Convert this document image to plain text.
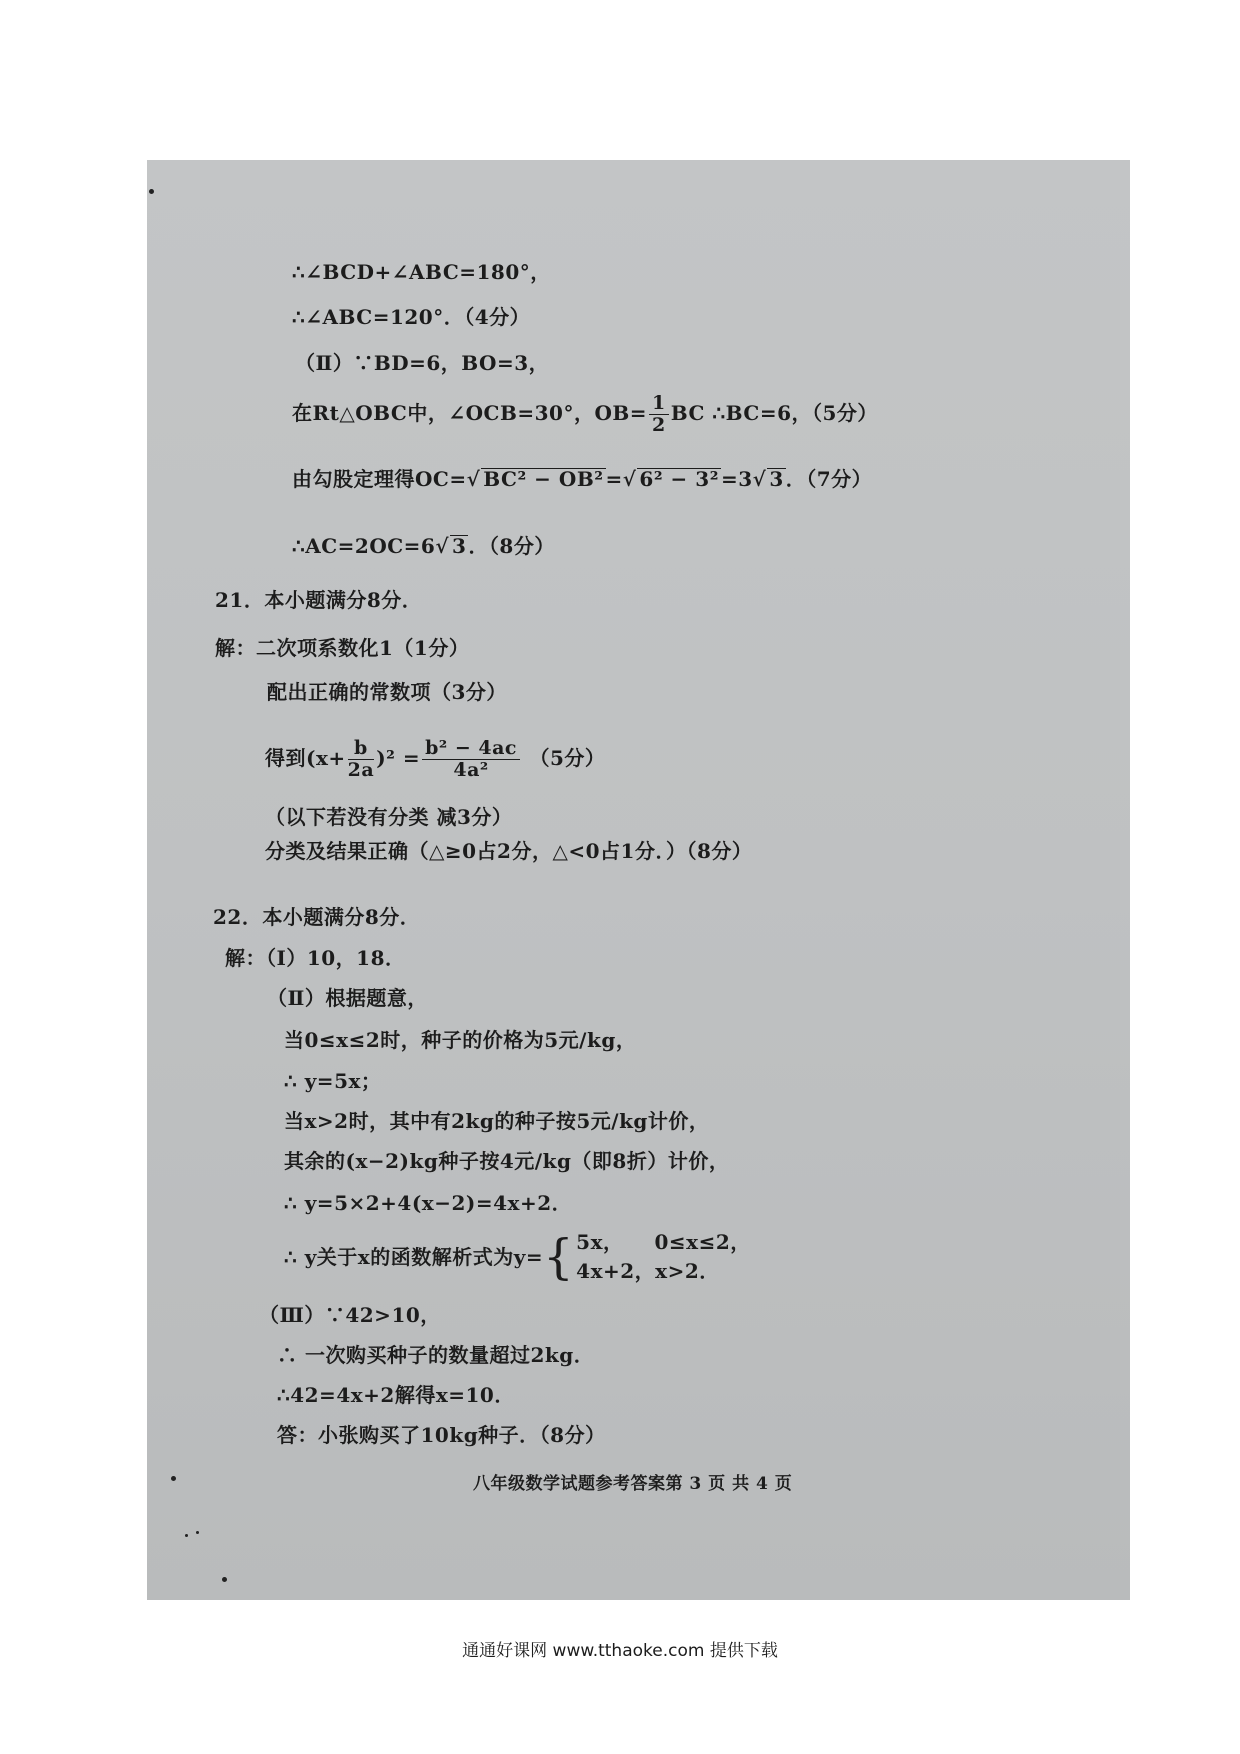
∴∠BCD+∠ABC=180°，
∴∠ABC=120°．（4分）
（Ⅱ）∵BD=6，BO=3，
在Rt△OBC中，∠OCB=30°，$OB= \frac{1}{2}$ BC ∴BC=6，（5分）
由勾股定理得OC=√ BC² − OB² =√ 6² − 3² =3√ 3 ．（7分）
∴AC=2OC=6√ 3 ．（8分）
21．本小题满分8分．
解：二次项系数化1（1分）
配出正确的常数项（3分）
得到$(x+ \frac{b}{2a} )^2 = \frac{\text{b² − 4ac}}{\text{4a²}} (5$分）
（以下若没有分类 减3分）
分类及结果正确（△≥0占2分，△<0占1分．）（8分）
22．本小题满分8分．
解：（Ⅰ）10，18．
（Ⅱ）根据题意，
当0≤x≤2时，种子的价格为5元/kg，
∴ y=5x；
当x>2时，其中有2kg的种子按5元/kg计价，
其余的(x−2)kg种子按4元/kg（即8折）计价，
∴ y=5×2+4(x−2)=4x+2．
∴ y关于x的函数解析式为y={ 5x，　　0≤x≤2，
4x+2，x>2．
（Ⅲ）∵42>10，
∴ 一次购买种子的数量超过2kg．
∴42=4x+2解得x=10．
答：小张购买了10kg种子．（8分）
八年级数学试题参考答案第 3 页 共 4 页
通通好课网 www.tthaoke.com 提供下载
